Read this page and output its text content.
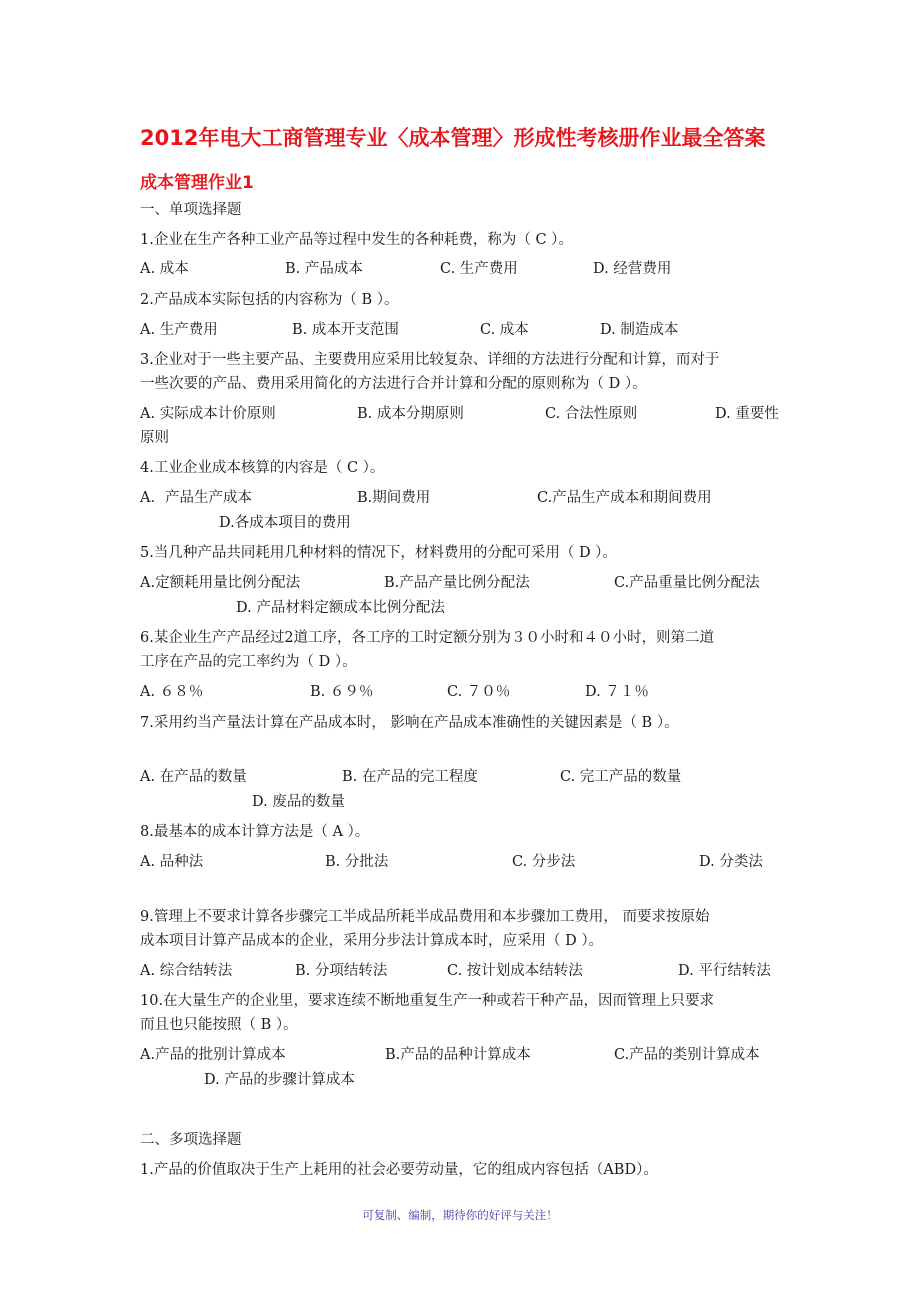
2012年电大工商管理专业〈成本管理〉形成性考核册作业最全答案
成本管理作业1
一、单项选择题
1.企业在生产各种工业产品等过程中发生的各种耗费，称为（ C ）。
A. 成本	B. 产品成本	C. 生产费用	D. 经营费用
2.产品成本实际包括的内容称为（ B ）。
A. 生产费用	B. 成本开支范围	C. 成本	D. 制造成本
3.企业对于一些主要产品、主要费用应采用比较复杂、详细的方法进行分配和计算，而对于
一些次要的产品、费用采用简化的方法进行合并计算和分配的原则称为（ D ）。
A. 实际成本计价原则	B. 成本分期原则	C. 合法性原则	D. 重要性
原则
4.工业企业成本核算的内容是（ C ）。
A．产品生产成本	B.期间费用	C.产品生产成本和期间费用
D.各成本项目的费用
5.当几种产品共同耗用几种材料的情况下，材料费用的分配可采用（ D ）。
A.定额耗用量比例分配法	B.产品产量比例分配法	C.产品重量比例分配法
D. 产品材料定额成本比例分配法
6.某企业生产产品经过2道工序，各工序的工时定额分别为３０小时和４０小时，则第二道
工序在产品的完工率约为（ D ）。
A. ６８％	B. ６９％	C. ７０％	D. ７１％
7.采用约当产量法计算在产品成本时， 影响在产品成本准确性的关键因素是（ B ）。
A. 在产品的数量	B. 在产品的完工程度	C. 完工产品的数量
D. 废品的数量
8.最基本的成本计算方法是（ A ）。
A. 品种法	B. 分批法	C. 分步法	D. 分类法
9.管理上不要求计算各步骤完工半成品所耗半成品费用和本步骤加工费用， 而要求按原始
成本项目计算产品成本的企业，采用分步法计算成本时，应采用（ D ）。
A. 综合结转法	B. 分项结转法	C. 按计划成本结转法	D. 平行结转法
10.在大量生产的企业里，要求连续不断地重复生产一种或若干种产品，因而管理上只要求
而且也只能按照（ B ）。
A.产品的批别计算成本	B.产品的品种计算成本	C.产品的类别计算成本
D. 产品的步骤计算成本
二、多项选择题
1.产品的价值取决于生产上耗用的社会必要劳动量，它的组成内容包括（ABD）。
可复制、编制，期待你的好评与关注！
